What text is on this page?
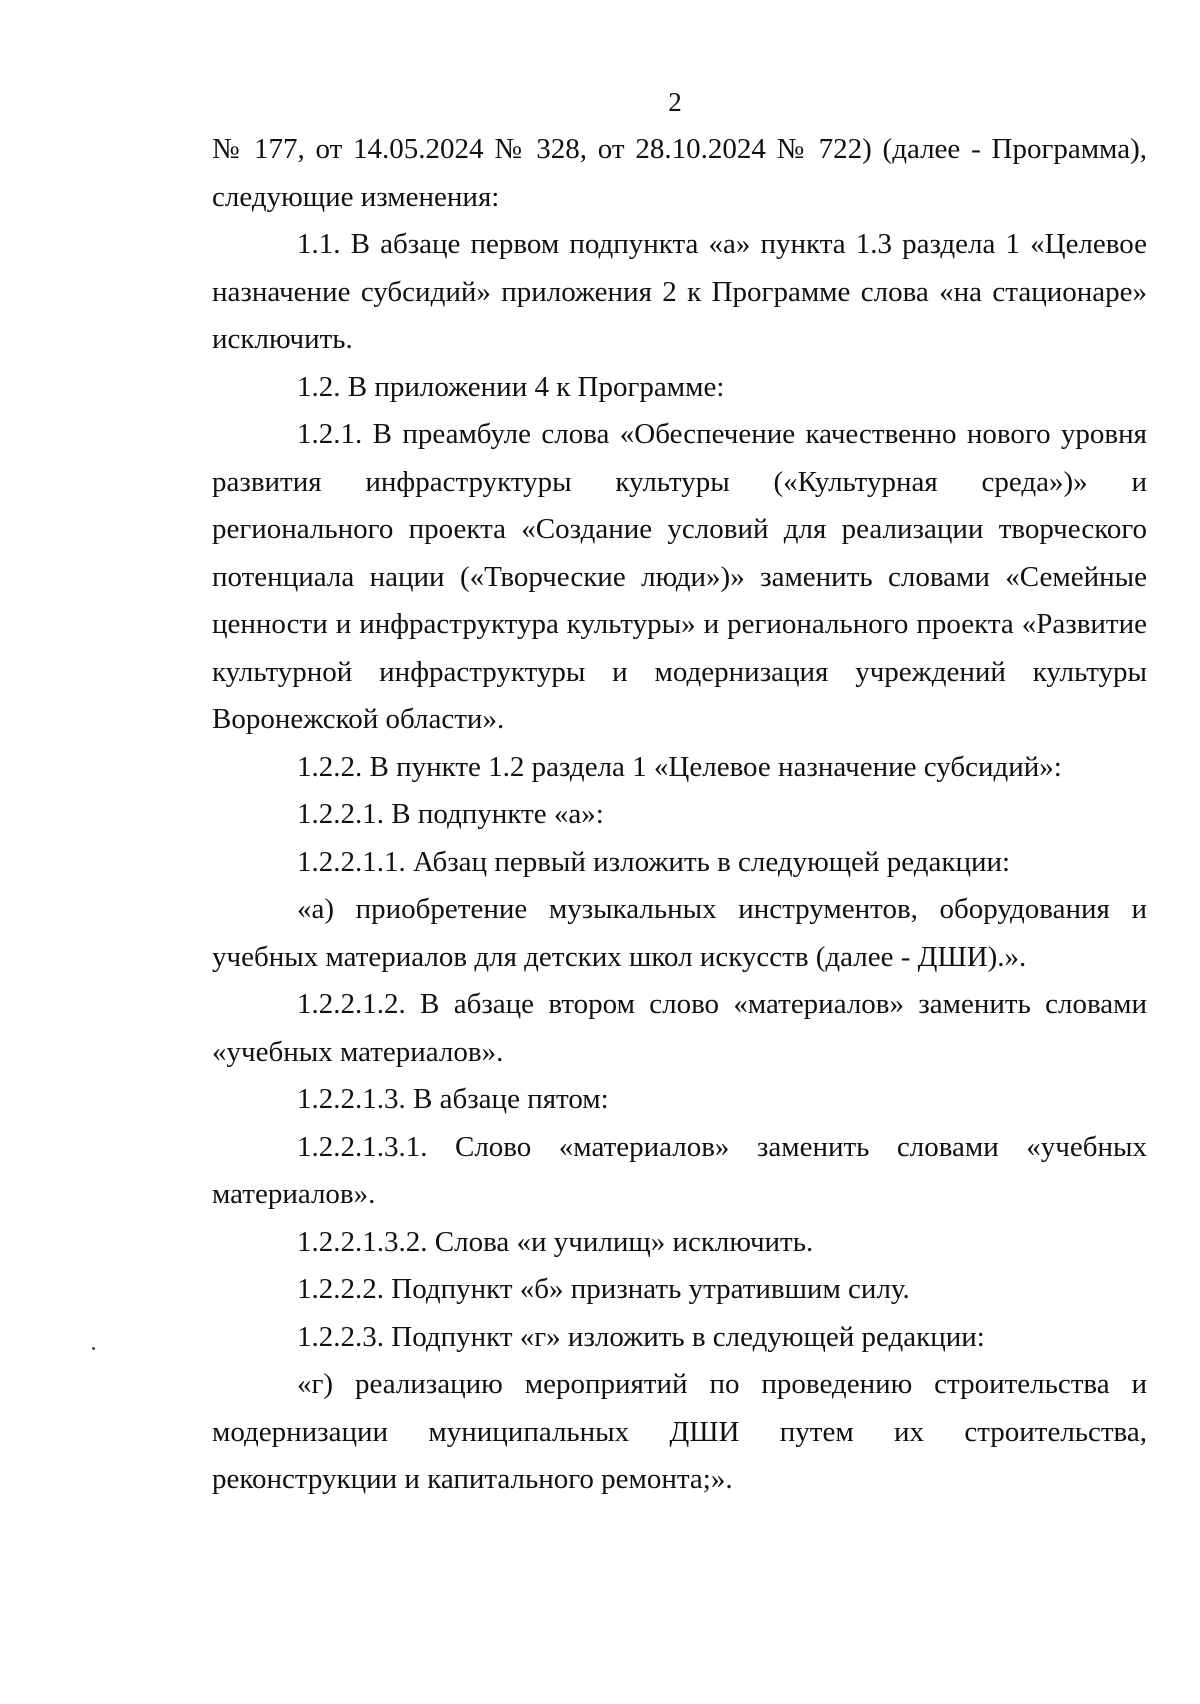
2

№ 177, от 14.05.2024 № 328, от 28.10.2024 № 722) (далее - Программа), следующие изменения:

1.1. В абзаце первом подпункта «а» пункта 1.3 раздела 1 «Целевое назначение субсидий» приложения 2 к Программе слова «на стационаре» исключить.

1.2. В приложении 4 к Программе:

1.2.1. В преамбуле слова «Обеспечение качественно нового уровня развития инфраструктуры культуры («Культурная среда»)» и регионального проекта «Создание условий для реализации творческого потенциала нации («Творческие люди»)» заменить словами «Семейные ценности и инфраструктура культуры» и регионального проекта «Развитие культурной инфраструктуры и модернизация учреждений культуры Воронежской области».

1.2.2. В пункте 1.2 раздела 1 «Целевое назначение субсидий»:

1.2.2.1. В подпункте «а»:

1.2.2.1.1. Абзац первый изложить в следующей редакции:

«а) приобретение музыкальных инструментов, оборудования и учебных материалов для детских школ искусств (далее - ДШИ).».

1.2.2.1.2. В абзаце втором слово «материалов» заменить словами «учебных материалов».

1.2.2.1.3. В абзаце пятом:

1.2.2.1.3.1. Слово «материалов» заменить словами «учебных материалов».

1.2.2.1.3.2. Слова «и училищ» исключить.

1.2.2.2. Подпункт «б» признать утратившим силу.

1.2.2.3. Подпункт «г» изложить в следующей редакции:

«г) реализацию мероприятий по проведению строительства и модернизации муниципальных ДШИ путем их строительства, реконструкции и капитального ремонта;».
